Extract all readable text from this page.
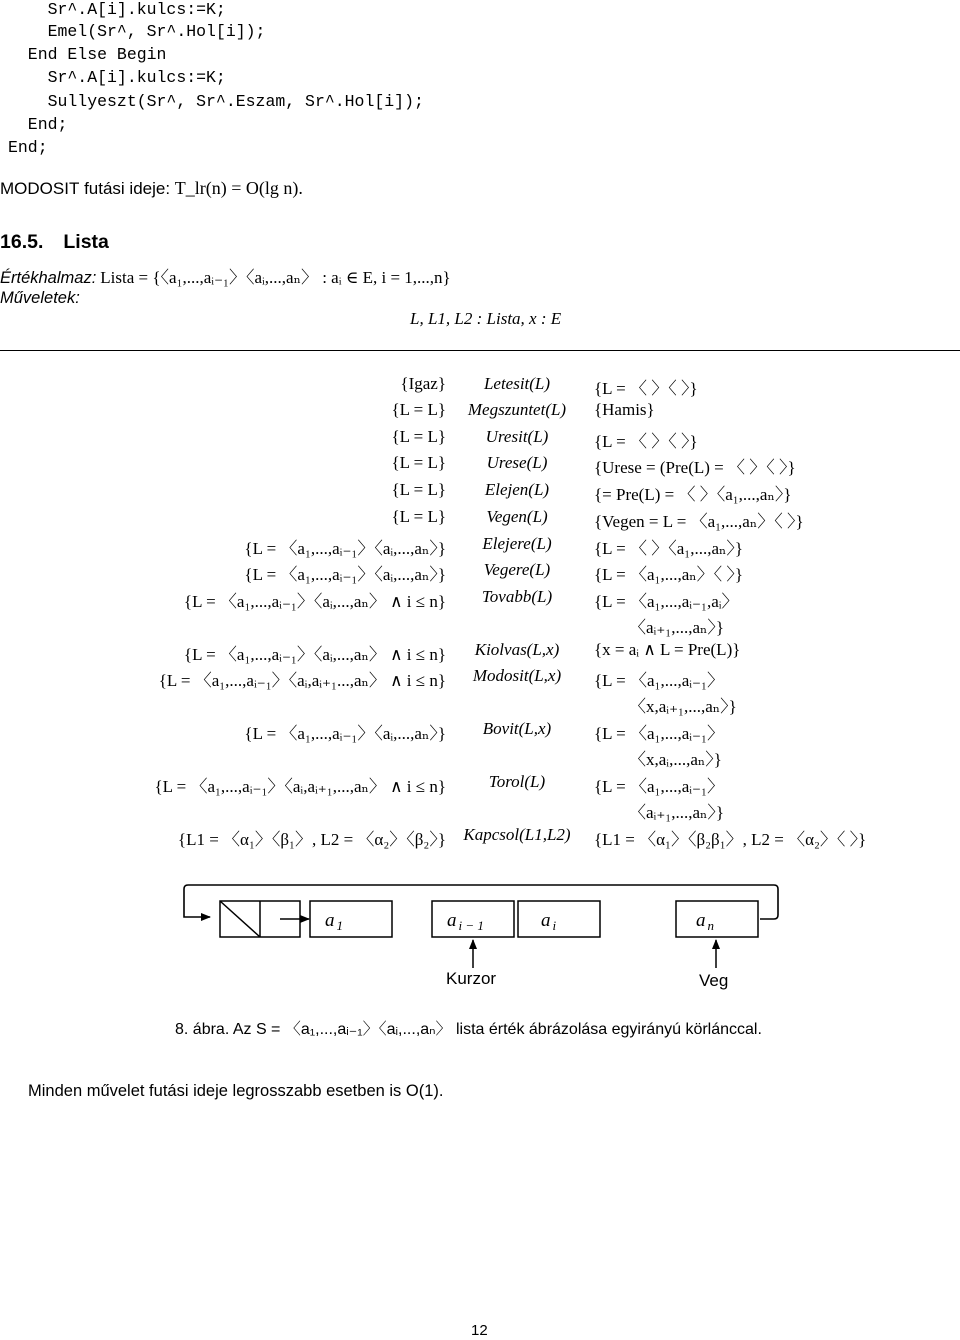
Sr^.A[i].kulcs:=K;
Emel(Sr^, Sr^.Hol[i]);
End Else Begin
Sr^.A[i].kulcs:=K;
Sullyeszt(Sr^, Sr^.Eszam, Sr^.Hol[i]);
End;
End;
MODOSIT futási ideje: T_lr(n) = O(lg n).
16.5. Lista
Értékhalmaz: Lista = {〈a₁,...,aᵢ₋₁〉〈aᵢ,...,aₙ〉 : aᵢ ∈ E, i = 1,...,n}
Műveletek:
L, L1, L2 : Lista, x : E
{Igaz}	Letesit(L)	{L = 〈 〉〈 〉}
{L = L}	Megszuntet(L)	{Hamis}
{L = L}	Uresit(L)	{L = 〈 〉〈 〉}
{L = L}	Urese(L)	{Urese = (Pre(L) = 〈 〉〈 〉}
{L = L}	Elejen(L)	{= Pre(L) = 〈 〉〈a₁,...,aₙ〉}
{L = L}	Vegen(L)	{Vegen = L = 〈a₁,...,aₙ〉〈 〉}
{L = 〈a₁,...,aᵢ₋₁〉〈aᵢ,...,aₙ〉}	Elejere(L)	{L = 〈 〉〈a₁,...,aₙ〉}
{L = 〈a₁,...,aᵢ₋₁〉〈aᵢ,...,aₙ〉}	Vegere(L)	{L = 〈a₁,...,aₙ〉〈 〉}
{L = 〈a₁,...,aᵢ₋₁〉〈aᵢ,...,aₙ〉 ∧ i ≤ n}	Tovabb(L)	{L = 〈a₁,...,aᵢ₋₁,aᵢ〉
〈aᵢ₊₁,...,aₙ〉}
{L = 〈a₁,...,aᵢ₋₁〉〈aᵢ,...,aₙ〉 ∧ i ≤ n}	Kiolvas(L,x)	{x = aᵢ ∧ L = Pre(L)}
{L = 〈a₁,...,aᵢ₋₁〉〈aᵢ,aᵢ₊₁...,aₙ〉 ∧ i ≤ n}	Modosit(L,x)	{L = 〈a₁,...,aᵢ₋₁〉
〈x,aᵢ₊₁,...,aₙ〉}
{L = 〈a₁,...,aᵢ₋₁〉〈aᵢ,...,aₙ〉}	Bovit(L,x)	{L = 〈a₁,...,aᵢ₋₁〉
〈x,aᵢ,...,aₙ〉}
{L = 〈a₁,...,aᵢ₋₁〉〈aᵢ,aᵢ₊₁,...,aₙ〉 ∧ i ≤ n}	Torol(L)	{L = 〈a₁,...,aᵢ₋₁〉
〈aᵢ₊₁,...,aₙ〉}
{L1 = 〈α₁〉〈β₁〉, L2 = 〈α₂〉〈β₂〉}	Kapcsol(L1,L2)	{L1 = 〈α₁〉〈β₂β₁〉, L2 = 〈α₂〉〈 〉}
a $_1$	a $_{i - 1}$	a $_i$	a $_n$
Kurzor	Veg
8. ábra. Az S = 〈a₁,...,aᵢ₋₁〉〈aᵢ,...,aₙ〉 lista érték ábrázolása egyirányú körlánccal.
Minden művelet futási ideje legrosszabb esetben is O(1).
12
